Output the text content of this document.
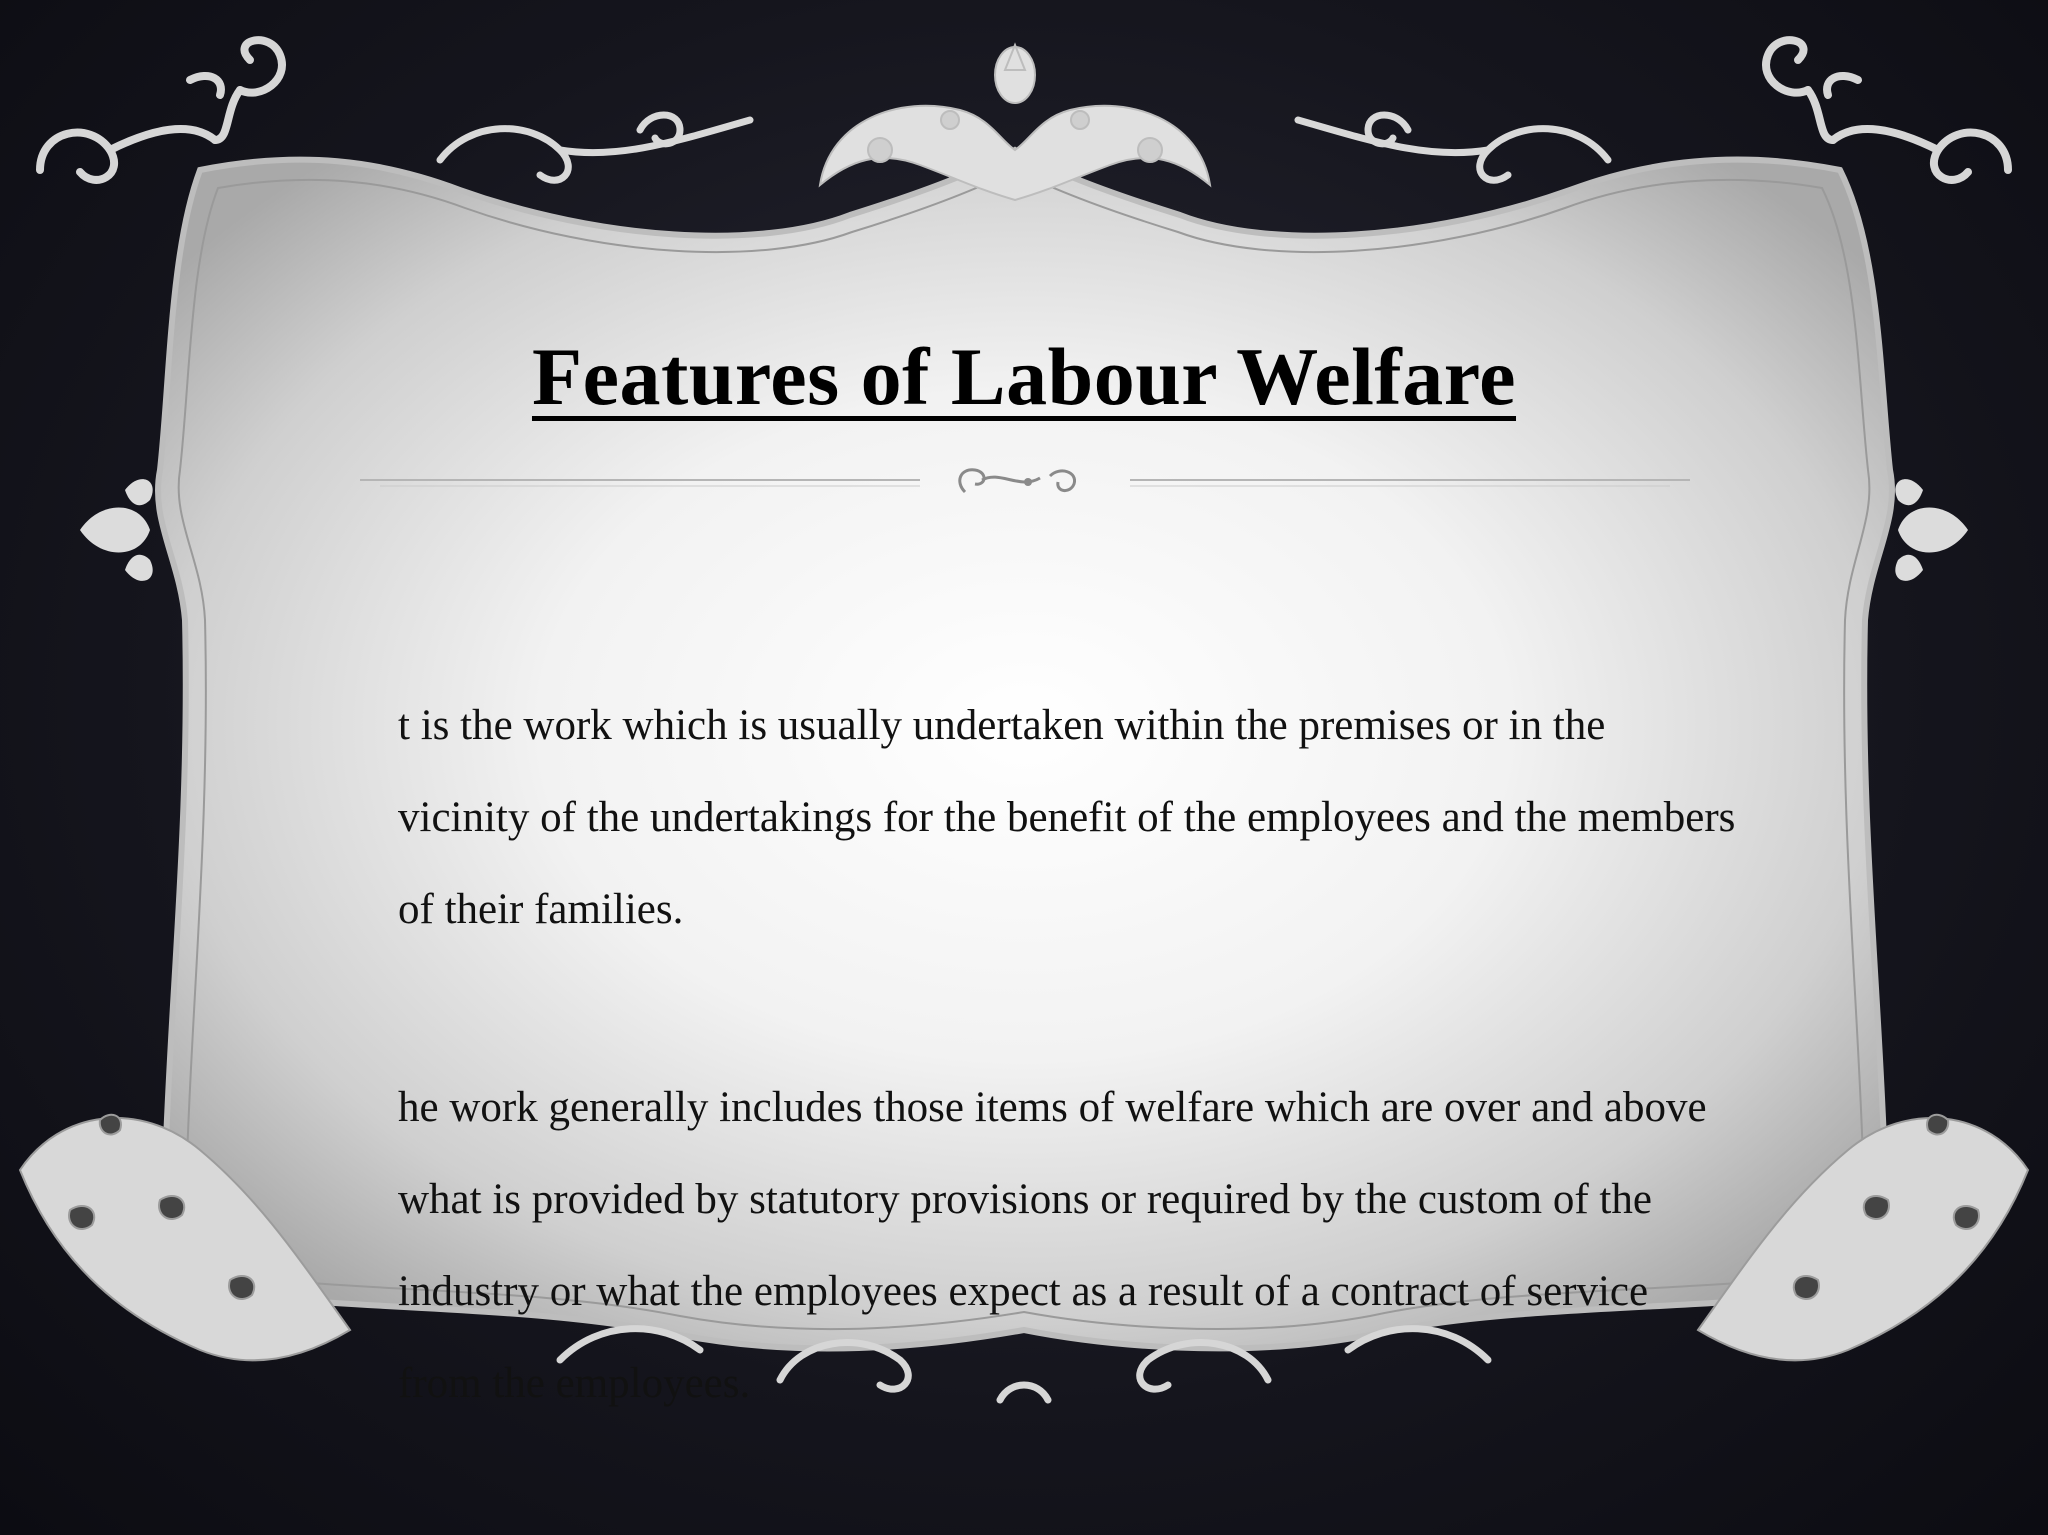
Features of Labour Welfare

t is the work which is usually undertaken within the premises or in the vicinity of the undertakings for the benefit of the employees and the members of their families.

he work generally includes those items of welfare which are over and above what is provided by statutory provisions or required by the custom of the industry or what the employees expect as a result of a contract of service from the employees.
